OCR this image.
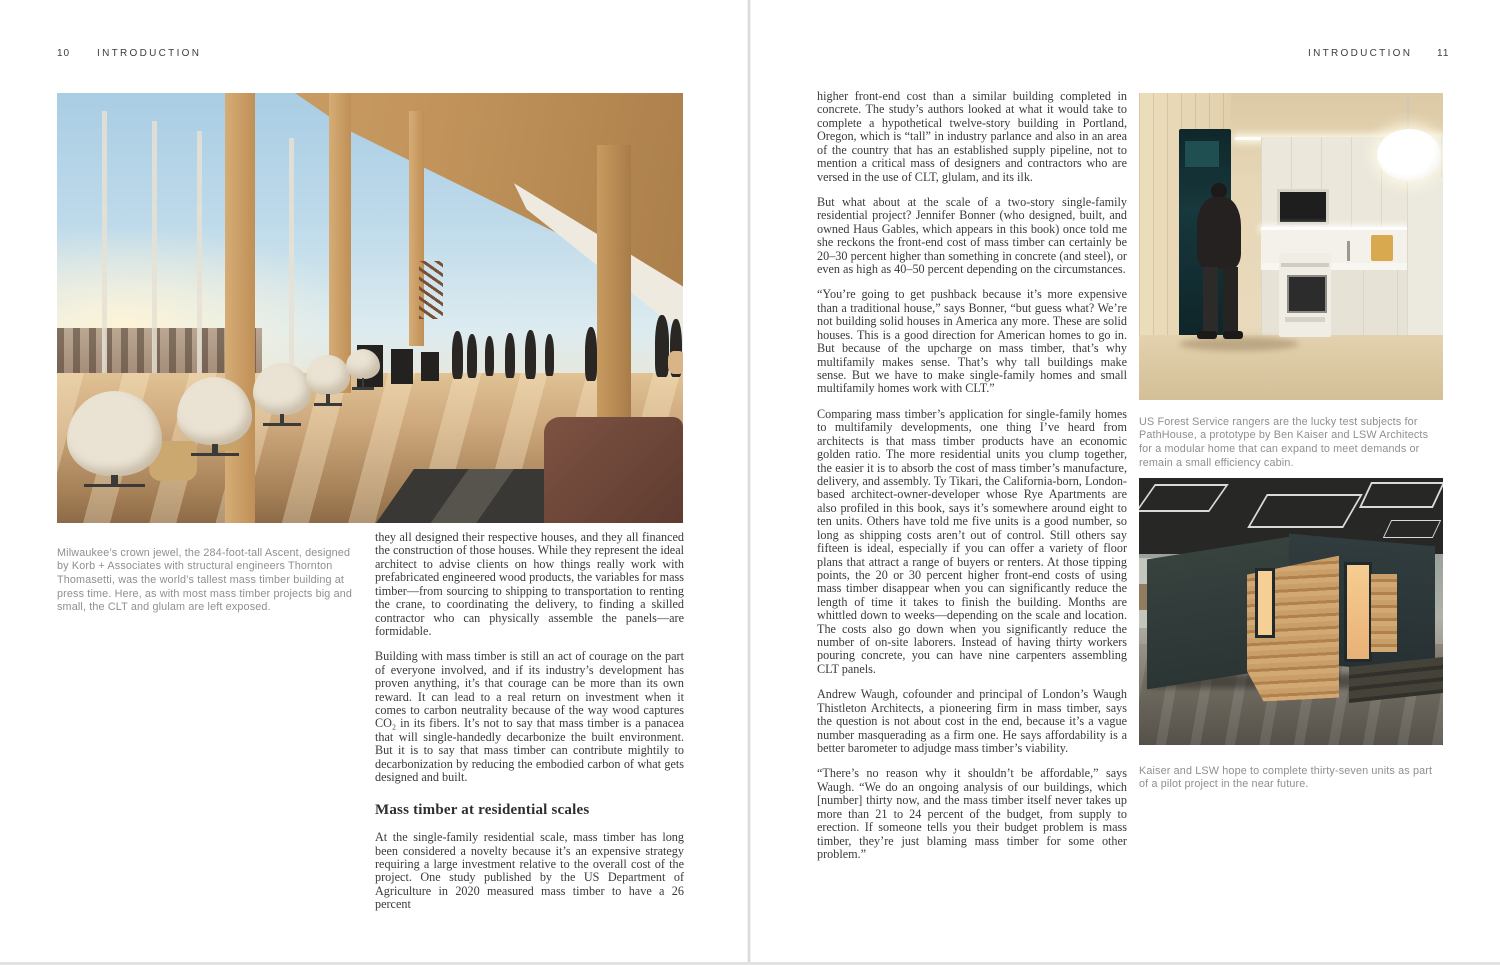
10	INTRODUCTION

Milwaukee’s crown jewel, the 284-foot-tall Ascent, designed by Korb + Associates with structural engineers Thornton Thomasetti, was the world’s tallest mass timber building at press time. Here, as with most mass timber projects big and small, the CLT and glulam are left exposed.

they all designed their respective houses, and they all financed the construction of those houses. While they represent the ideal architect to advise clients on how things really work with prefabricated engineered wood products, the variables for mass timber—from sourcing to shipping to transportation to renting the crane, to coordinating the delivery, to finding a skilled contractor who can physically assemble the panels—are formidable.

Building with mass timber is still an act of courage on the part of everyone involved, and if its industry’s development has proven anything, it’s that courage can be more than its own reward. It can lead to a real return on investment when it comes to carbon neutrality because of the way wood captures CO₂ in its fibers. It’s not to say that mass timber is a panacea that will single-handedly decarbonize the built environment. But it is to say that mass timber can contribute mightily to decarbonization by reducing the embodied carbon of what gets designed and built.

Mass timber at residential scales

At the single-family residential scale, mass timber has long been considered a novelty because it’s an expensive strategy requiring a large investment relative to the overall cost of the project. One study published by the US Department of Agriculture in 2020 measured mass timber to have a 26 percent

INTRODUCTION 11

higher front-end cost than a similar building completed in concrete. The study’s authors looked at what it would take to complete a hypothetical twelve-story building in Portland, Oregon, which is “tall” in industry parlance and also in an area of the country that has an established supply pipeline, not to mention a critical mass of designers and contractors who are versed in the use of CLT, glulam, and its ilk.

But what about at the scale of a two-story single-family residential project? Jennifer Bonner (who designed, built, and owned Haus Gables, which appears in this book) once told me she reckons the front-end cost of mass timber can certainly be 20–30 percent higher than something in concrete (and steel), or even as high as 40–50 percent depending on the circumstances.

“You’re going to get pushback because it’s more expensive than a traditional house,” says Bonner, “but guess what? We’re not building solid houses in America any more. These are solid houses. This is a good direction for American homes to go in. But because of the upcharge on mass timber, that’s why multifamily makes sense. That’s why tall buildings make sense. But we have to make single-family homes and small multifamily homes work with CLT.”

Comparing mass timber’s application for single-family homes to multifamily developments, one thing I’ve heard from architects is that mass timber products have an economic golden ratio. The more residential units you clump together, the easier it is to absorb the cost of mass timber’s manufacture, delivery, and assembly. Ty Tikari, the California-born, London-based architect-owner-developer whose Rye Apartments are also profiled in this book, says it’s somewhere around eight to ten units. Others have told me five units is a good number, so long as shipping costs aren’t out of control. Still others say fifteen is ideal, especially if you can offer a variety of floor plans that attract a range of buyers or renters. At those tipping points, the 20 or 30 percent higher front-end costs of using mass timber disappear when you can significantly reduce the length of time it takes to finish the building. Months are whittled down to weeks—depending on the scale and location. The costs also go down when you significantly reduce the number of on-site laborers. Instead of having thirty workers pouring concrete, you can have nine carpenters assembling CLT panels.

Andrew Waugh, cofounder and principal of London’s Waugh Thistleton Architects, a pioneering firm in mass timber, says the question is not about cost in the end, because it’s a vague number masquerading as a firm one. He says affordability is a better barometer to adjudge mass timber’s viability.

“There’s no reason why it shouldn’t be affordable,” says Waugh. “We do an ongoing analysis of our buildings, which [number] thirty now, and the mass timber itself never takes up more than 21 to 24 percent of the budget, from supply to erection. If someone tells you their budget problem is mass timber, they’re just blaming mass timber for some other problem.”

US Forest Service rangers are the lucky test subjects for PathHouse, a prototype by Ben Kaiser and LSW Architects for a modular home that can expand to meet demands or remain a small efficiency cabin.

Kaiser and LSW hope to complete thirty-seven units as part of a pilot project in the near future.
